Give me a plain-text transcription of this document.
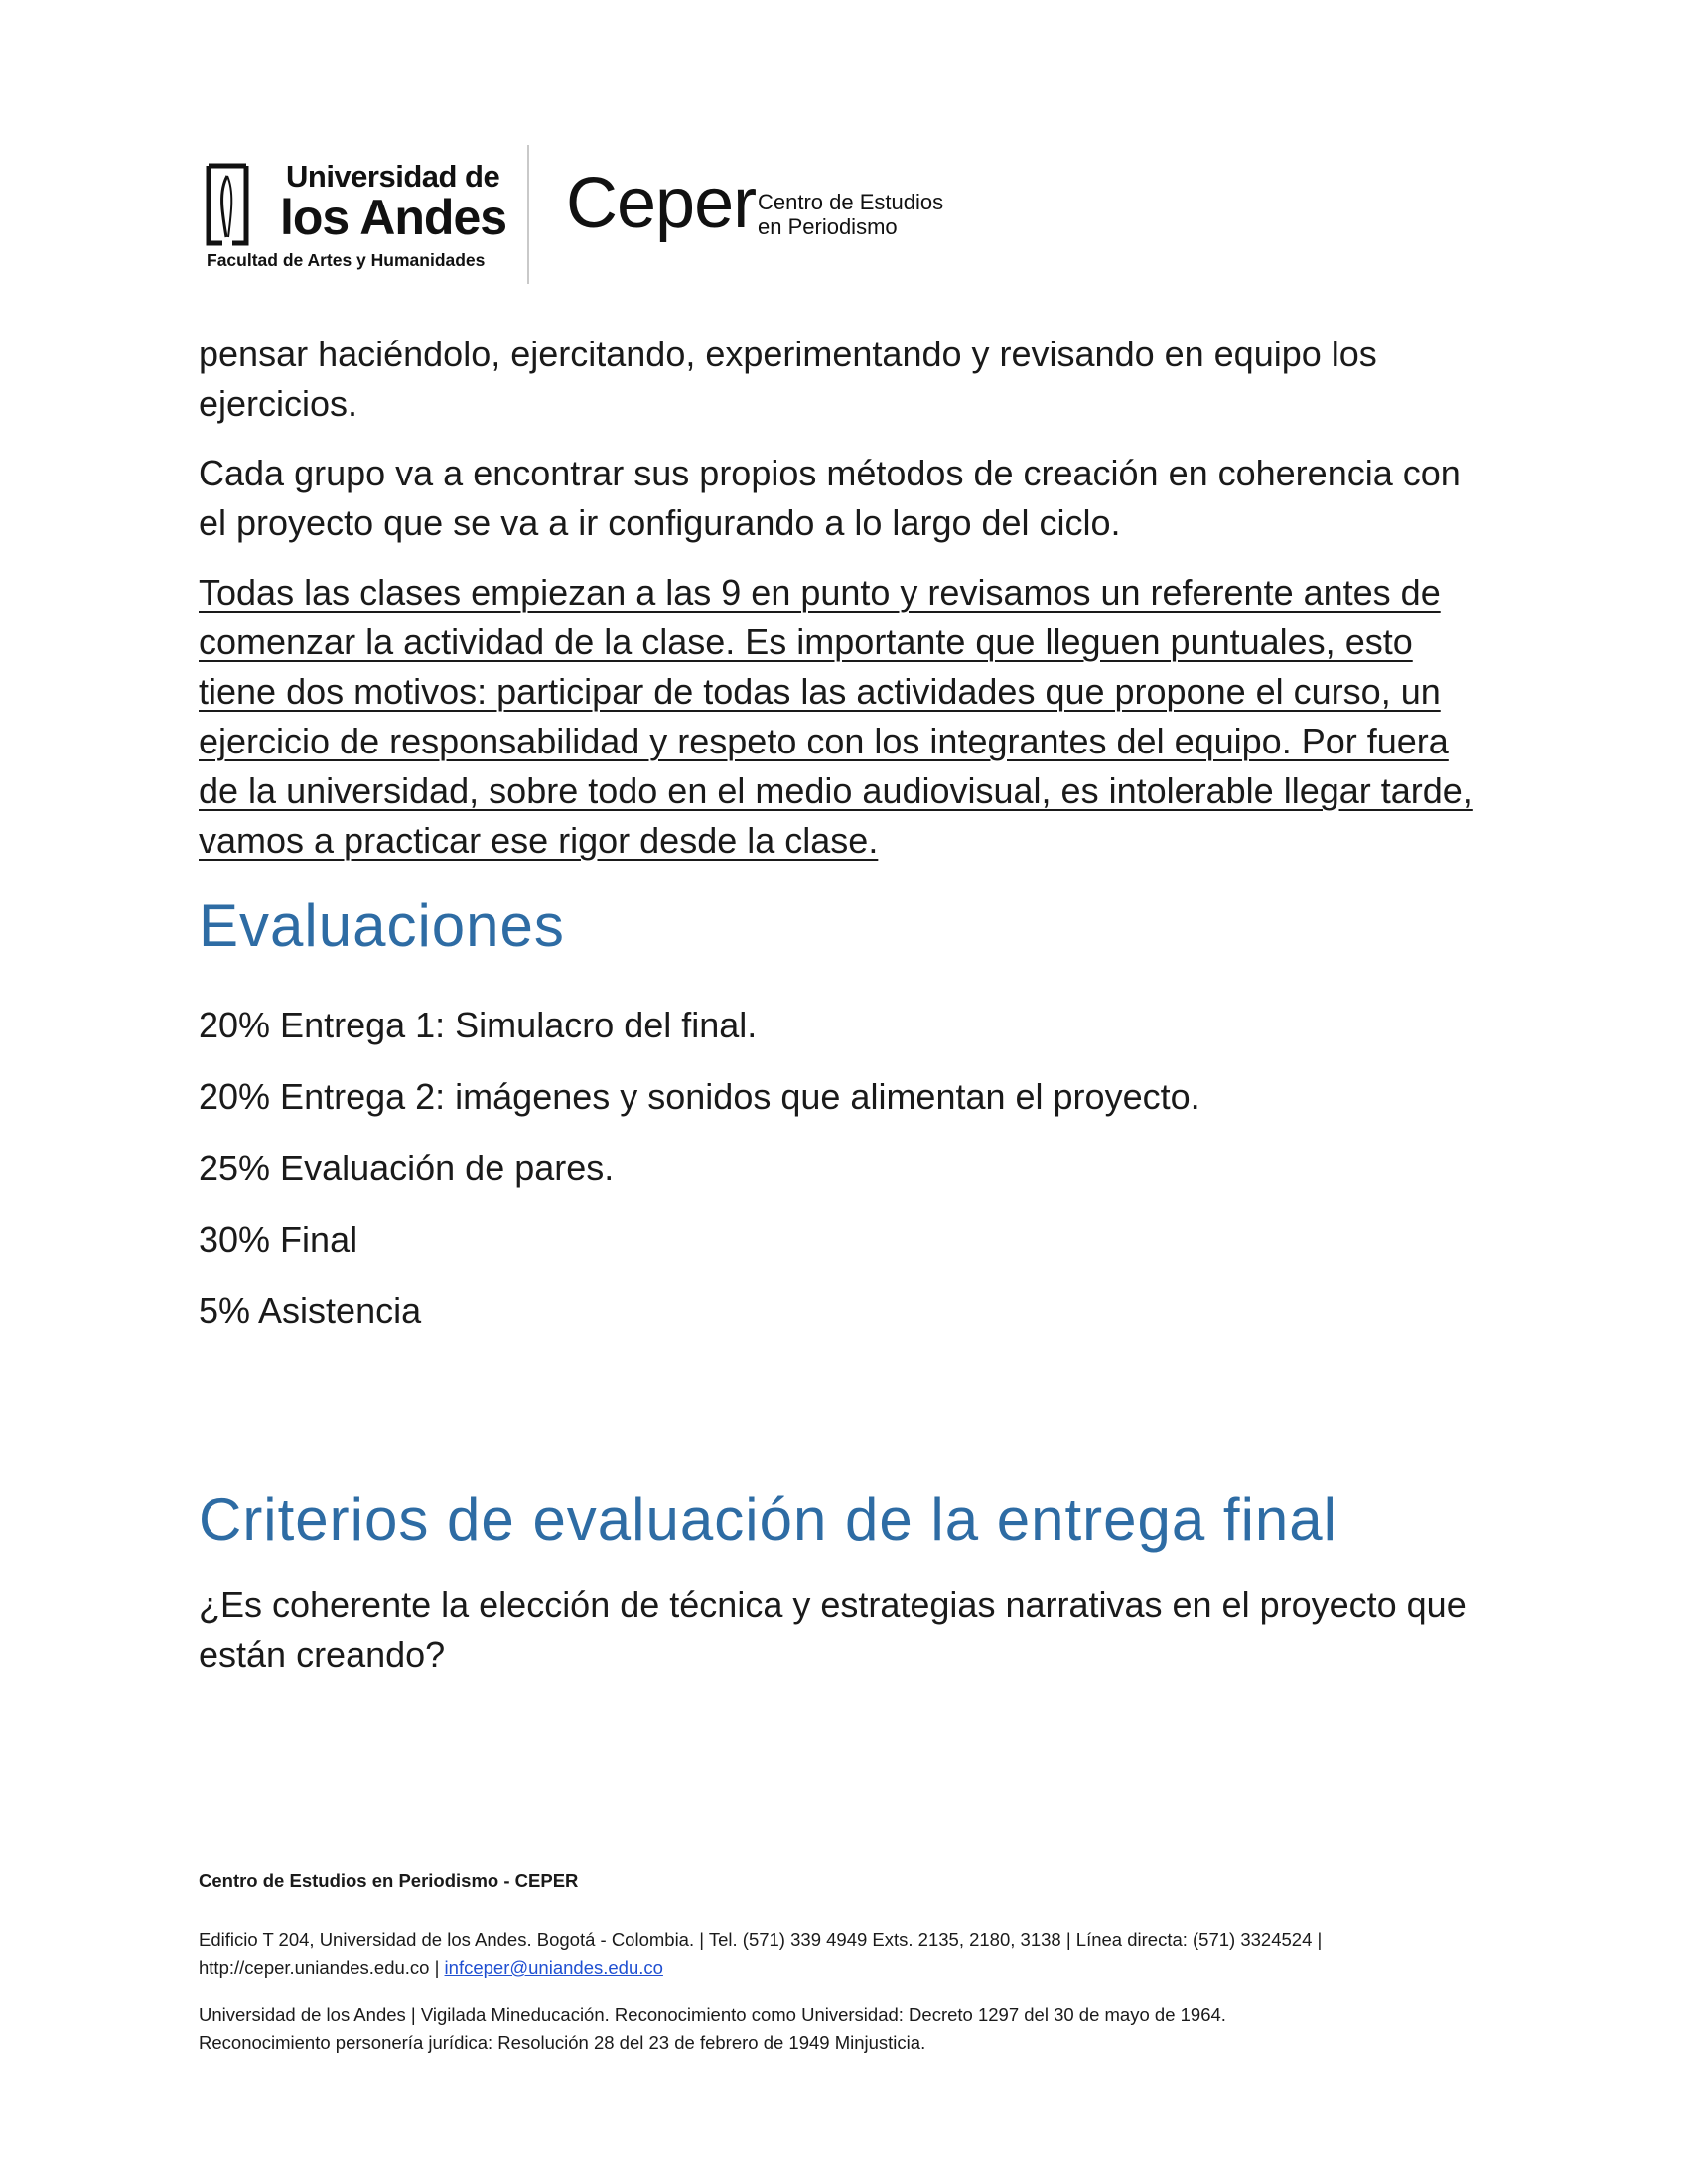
Universidad de
los Andes
Facultad de Artes y Humanidades
Ceper Centro de Estudios
en Periodismo

pensar haciéndolo, ejercitando, experimentando y revisando en equipo los ejercicios.

Cada grupo va a encontrar sus propios métodos de creación en coherencia con el proyecto que se va a ir configurando a lo largo del ciclo.

Todas las clases empiezan a las 9 en punto y revisamos un referente antes de comenzar la actividad de la clase. Es importante que lleguen puntuales, esto tiene dos motivos: participar de todas las actividades que propone el curso, un ejercicio de responsabilidad y respeto con los integrantes del equipo. Por fuera de la universidad, sobre todo en el medio audiovisual, es intolerable llegar tarde, vamos a practicar ese rigor desde la clase.

Evaluaciones
20% Entrega 1: Simulacro del final.
20% Entrega 2: imágenes y sonidos que alimentan el proyecto.
25% Evaluación de pares.
30% Final
5% Asistencia
Criterios de evaluación de la entrega final

¿Es coherente la elección de técnica y estrategias narrativas en el proyecto que están creando?

Centro de Estudios en Periodismo - CEPER

Edificio T 204, Universidad de los Andes. Bogotá - Colombia. | Tel. (571) 339 4949 Exts. 2135, 2180, 3138 | Línea directa: (571) 3324524 |
http://ceper.uniandes.edu.co | infceper@uniandes.edu.co

Universidad de los Andes | Vigilada Mineducación. Reconocimiento como Universidad: Decreto 1297 del 30 de mayo de 1964.
Reconocimiento personería jurídica: Resolución 28 del 23 de febrero de 1949 Minjusticia.
